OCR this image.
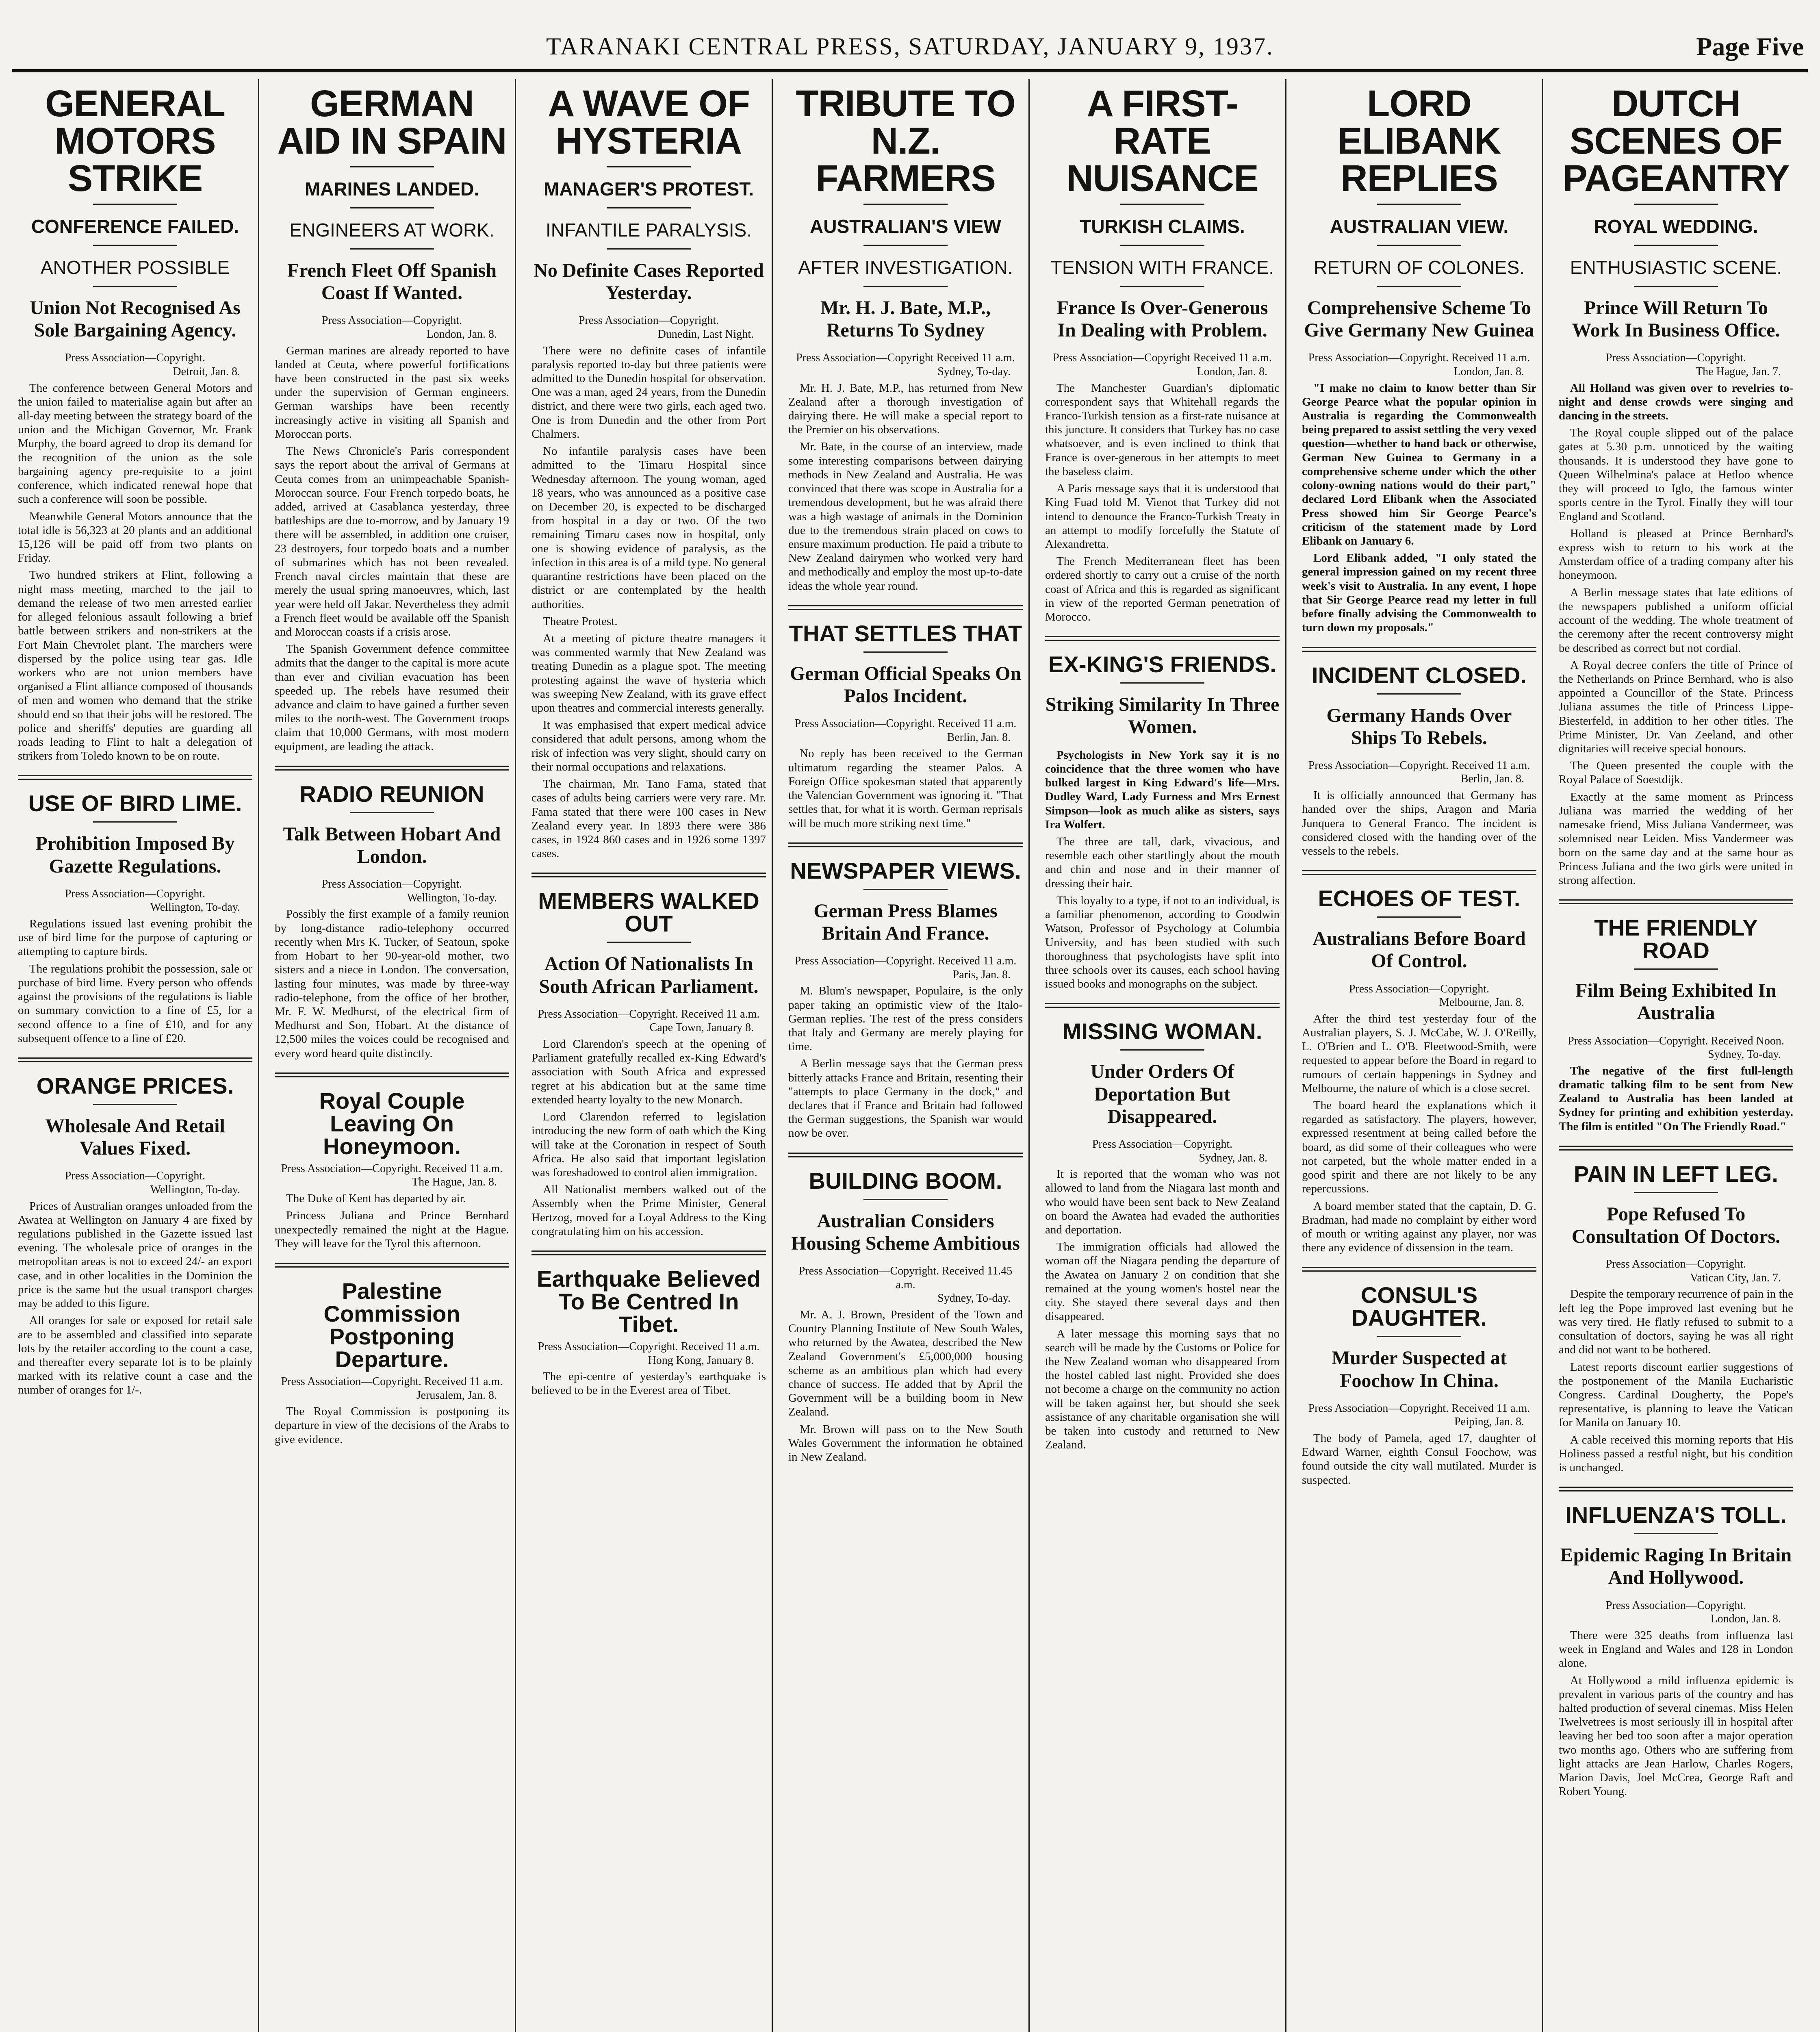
TARANAKI CENTRAL PRESS, SATURDAY, JANUARY 9, 1937.	Page Five
GENERAL MOTORS STRIKE
CONFERENCE FAILED.
ANOTHER POSSIBLE
Union Not Recognised As Sole Bargaining Agency.
Press Association—Copyright.
Detroit, Jan. 8.

The conference between General Motors and the union failed to materialise again but after an all-day meeting between the strategy board of the union and the Michigan Governor, Mr. Frank Murphy, the board agreed to drop its demand for the recognition of the union as the sole bargaining agency pre-requisite to a joint conference, which indicated renewal hope that such a conference will soon be possible.

Meanwhile General Motors announce that the total idle is 56,323 at 20 plants and an additional 15,126 will be paid off from two plants on Friday.

Two hundred strikers at Flint, following a night mass meeting, marched to the jail to demand the release of two men arrested earlier for alleged felonious assault following a brief battle between strikers and non-strikers at the Fort Main Chevrolet plant. The marchers were dispersed by the police using tear gas. Idle workers who are not union members have organised a Flint alliance composed of thousands of men and women who demand that the strike should end so that their jobs will be restored. The police and sheriffs' deputies are guarding all roads leading to Flint to halt a delegation of strikers from Toledo known to be on route.

USE OF BIRD LIME.
Prohibition Imposed By Gazette Regulations.
Press Association—Copyright.
Wellington, To-day.

Regulations issued last evening prohibit the use of bird lime for the purpose of capturing or attempting to capture birds.

The regulations prohibit the possession, sale or purchase of bird lime. Every person who offends against the provisions of the regulations is liable on summary conviction to a fine of £5, for a second offence to a fine of £10, and for any subsequent offence to a fine of £20.

ORANGE PRICES.
Wholesale And Retail Values Fixed.
Press Association—Copyright.
Wellington, To-day.

Prices of Australian oranges unloaded from the Awatea at Wellington on January 4 are fixed by regulations published in the Gazette issued last evening. The wholesale price of oranges in the metropolitan areas is not to exceed 24/- an export case, and in other localities in the Dominion the price is the same but the usual transport charges may be added to this figure.

All oranges for sale or exposed for retail sale are to be assembled and classified into separate lots by the retailer according to the count a case, and thereafter every separate lot is to be plainly marked with its relative count a case and the number of oranges for 1/-.

GERMAN AID IN SPAIN
MARINES LANDED.
ENGINEERS AT WORK.
French Fleet Off Spanish Coast If Wanted.
Press Association—Copyright.
London, Jan. 8.

German marines are already reported to have landed at Ceuta, where powerful fortifications have been constructed in the past six weeks under the supervision of German engineers. German warships have been recently increasingly active in visiting all Spanish and Moroccan ports.

The News Chronicle's Paris correspondent says the report about the arrival of Germans at Ceuta comes from an unimpeachable Spanish-Moroccan source. Four French torpedo boats, he added, arrived at Casablanca yesterday, three battleships are due to-morrow, and by January 19 there will be assembled, in addition one cruiser, 23 destroyers, four torpedo boats and a number of submarines which has not been revealed. French naval circles maintain that these are merely the usual spring manoeuvres, which, last year were held off Jakar. Nevertheless they admit a French fleet would be available off the Spanish and Moroccan coasts if a crisis arose.

The Spanish Government defence committee admits that the danger to the capital is more acute than ever and civilian evacuation has been speeded up. The rebels have resumed their advance and claim to have gained a further seven miles to the north-west. The Government troops claim that 10,000 Germans, with most modern equipment, are leading the attack.

RADIO REUNION
Talk Between Hobart And London.
Press Association—Copyright.
Wellington, To-day.

Possibly the first example of a family reunion by long-distance radio-telephony occurred recently when Mrs K. Tucker, of Seatoun, spoke from Hobart to her 90-year-old mother, two sisters and a niece in London. The conversation, lasting four minutes, was made by three-way radio-telephone, from the office of her brother, Mr. F. W. Medhurst, of the electrical firm of Medhurst and Son, Hobart. At the distance of 12,500 miles the voices could be recognised and every word heard quite distinctly.

Royal Couple Leaving On Honeymoon.
Press Association—Copyright. Received 11 a.m.
The Hague, Jan. 8.

The Duke of Kent has departed by air.

Princess Juliana and Prince Bernhard unexpectedly remained the night at the Hague. They will leave for the Tyrol this afternoon.

Palestine Commission Postponing Departure.
Press Association—Copyright. Received 11 a.m.
Jerusalem, Jan. 8.

The Royal Commission is postponing its departure in view of the decisions of the Arabs to give evidence.

A WAVE OF HYSTERIA
MANAGER'S PROTEST.
INFANTILE PARALYSIS.
No Definite Cases Reported Yesterday.
Press Association—Copyright.
Dunedin, Last Night.

There were no definite cases of infantile paralysis reported to-day but three patients were admitted to the Dunedin hospital for observation. One was a man, aged 24 years, from the Dunedin district, and there were two girls, each aged two. One is from Dunedin and the other from Port Chalmers.

No infantile paralysis cases have been admitted to the Timaru Hospital since Wednesday afternoon. The young woman, aged 18 years, who was announced as a positive case on December 20, is expected to be discharged from hospital in a day or two. Of the two remaining Timaru cases now in hospital, only one is showing evidence of paralysis, as the infection in this area is of a mild type. No general quarantine restrictions have been placed on the district or are contemplated by the health authorities.

Theatre Protest.

At a meeting of picture theatre managers it was commented warmly that New Zealand was treating Dunedin as a plague spot. The meeting protesting against the wave of hysteria which was sweeping New Zealand, with its grave effect upon theatres and commercial interests generally.

It was emphasised that expert medical advice considered that adult persons, among whom the risk of infection was very slight, should carry on their normal occupations and relaxations.

The chairman, Mr. Tano Fama, stated that cases of adults being carriers were very rare. Mr. Fama stated that there were 100 cases in New Zealand every year. In 1893 there were 386 cases, in 1924 860 cases and in 1926 some 1397 cases.

MEMBERS WALKED OUT
Action Of Nationalists In South African Parliament.
Press Association—Copyright. Received 11 a.m.
Cape Town, January 8.

Lord Clarendon's speech at the opening of Parliament gratefully recalled ex-King Edward's association with South Africa and expressed regret at his abdication but at the same time extended hearty loyalty to the new Monarch.

Lord Clarendon referred to legislation introducing the new form of oath which the King will take at the Coronation in respect of South Africa. He also said that important legislation was foreshadowed to control alien immigration.

All Nationalist members walked out of the Assembly when the Prime Minister, General Hertzog, moved for a Loyal Address to the King congratulating him on his accession.

Earthquake Believed To Be Centred In Tibet.
Press Association—Copyright. Received 11 a.m.
Hong Kong, January 8.

The epi-centre of yesterday's earthquake is believed to be in the Everest area of Tibet.

TRIBUTE TO N.Z. FARMERS
AUSTRALIAN'S VIEW
AFTER INVESTIGATION.
Mr. H. J. Bate, M.P., Returns To Sydney
Press Association—Copyright Received 11 a.m.
Sydney, To-day.

Mr. H. J. Bate, M.P., has returned from New Zealand after a thorough investigation of dairying there. He will make a special report to the Premier on his observations.

Mr. Bate, in the course of an interview, made some interesting comparisons between dairying methods in New Zealand and Australia. He was convinced that there was scope in Australia for a tremendous development, but he was afraid there was a high wastage of animals in the Dominion due to the tremendous strain placed on cows to ensure maximum production. He paid a tribute to New Zealand dairymen who worked very hard and methodically and employ the most up-to-date ideas the whole year round.

THAT SETTLES THAT
German Official Speaks On Palos Incident.
Press Association—Copyright. Received 11 a.m.
Berlin, Jan. 8.

No reply has been received to the German ultimatum regarding the steamer Palos. A Foreign Office spokesman stated that apparently the Valencian Government was ignoring it. "That settles that, for what it is worth. German reprisals will be much more striking next time."

NEWSPAPER VIEWS.
German Press Blames Britain And France.
Press Association—Copyright. Received 11 a.m.
Paris, Jan. 8.

M. Blum's newspaper, Populaire, is the only paper taking an optimistic view of the Italo-German replies. The rest of the press considers that Italy and Germany are merely playing for time.

A Berlin message says that the German press bitterly attacks France and Britain, resenting their "attempts to place Germany in the dock," and declares that if France and Britain had followed the German suggestions, the Spanish war would now be over.

BUILDING BOOM.
Australian Considers Housing Scheme Ambitious
Press Association—Copyright. Received 11.45 a.m.
Sydney, To-day.

Mr. A. J. Brown, President of the Town and Country Planning Institute of New South Wales, who returned by the Awatea, described the New Zealand Government's £5,000,000 housing scheme as an ambitious plan which had every chance of success. He added that by April the Government will be a building boom in New Zealand.

Mr. Brown will pass on to the New South Wales Government the information he obtained in New Zealand.

A FIRST-RATE NUISANCE
TURKISH CLAIMS.
TENSION WITH FRANCE.
France Is Over-Generous In Dealing with Problem.
Press Association—Copyright Received 11 a.m.
London, Jan. 8.

The Manchester Guardian's diplomatic correspondent says that Whitehall regards the Franco-Turkish tension as a first-rate nuisance at this juncture. It considers that Turkey has no case whatsoever, and is even inclined to think that France is over-generous in her attempts to meet the baseless claim.

A Paris message says that it is understood that King Fuad told M. Vienot that Turkey did not intend to denounce the Franco-Turkish Treaty in an attempt to modify forcefully the Statute of Alexandretta.

The French Mediterranean fleet has been ordered shortly to carry out a cruise of the north coast of Africa and this is regarded as significant in view of the reported German penetration of Morocco.

EX-KING'S FRIENDS.
Striking Similarity In Three Women.

Psychologists in New York say it is no coincidence that the three women who have bulked largest in King Edward's life—Mrs. Dudley Ward, Lady Furness and Mrs Ernest Simpson—look as much alike as sisters, says Ira Wolfert.

The three are tall, dark, vivacious, and resemble each other startlingly about the mouth and chin and nose and in their manner of dressing their hair.

This loyalty to a type, if not to an individual, is a familiar phenomenon, according to Goodwin Watson, Professor of Psychology at Columbia University, and has been studied with such thoroughness that psychologists have split into three schools over its causes, each school having issued books and monographs on the subject.

MISSING WOMAN.
Under Orders Of Deportation But Disappeared.
Press Association—Copyright.
Sydney, Jan. 8.

It is reported that the woman who was not allowed to land from the Niagara last month and who would have been sent back to New Zealand on board the Awatea had evaded the authorities and deportation.

The immigration officials had allowed the woman off the Niagara pending the departure of the Awatea on January 2 on condition that she remained at the young women's hostel near the city. She stayed there several days and then disappeared.

A later message this morning says that no search will be made by the Customs or Police for the New Zealand woman who disappeared from the hostel cabled last night. Provided she does not become a charge on the community no action will be taken against her, but should she seek assistance of any charitable organisation she will be taken into custody and returned to New Zealand.

LORD ELIBANK REPLIES
AUSTRALIAN VIEW.
RETURN OF COLONES.
Comprehensive Scheme To Give Germany New Guinea
Press Association—Copyright. Received 11 a.m.
London, Jan. 8.

"I make no claim to know better than Sir George Pearce what the popular opinion in Australia is regarding the Commonwealth being prepared to assist settling the very vexed question—whether to hand back or otherwise, German New Guinea to Germany in a comprehensive scheme under which the other colony-owning nations would do their part," declared Lord Elibank when the Associated Press showed him Sir George Pearce's criticism of the statement made by Lord Elibank on January 6.

Lord Elibank added, "I only stated the general impression gained on my recent three week's visit to Australia. In any event, I hope that Sir George Pearce read my letter in full before finally advising the Commonwealth to turn down my proposals."

INCIDENT CLOSED.
Germany Hands Over Ships To Rebels.
Press Association—Copyright. Received 11 a.m.
Berlin, Jan. 8.

It is officially announced that Germany has handed over the ships, Aragon and Maria Junquera to General Franco. The incident is considered closed with the handing over of the vessels to the rebels.

ECHOES OF TEST.
Australians Before Board Of Control.
Press Association—Copyright.
Melbourne, Jan. 8.

After the third test yesterday four of the Australian players, S. J. McCabe, W. J. O'Reilly, L. O'Brien and L. O'B. Fleetwood-Smith, were requested to appear before the Board in regard to rumours of certain happenings in Sydney and Melbourne, the nature of which is a close secret.

The board heard the explanations which it regarded as satisfactory. The players, however, expressed resentment at being called before the board, as did some of their colleagues who were not carpeted, but the whole matter ended in a good spirit and there are not likely to be any repercussions.

A board member stated that the captain, D. G. Bradman, had made no complaint by either word of mouth or writing against any player, nor was there any evidence of dissension in the team.

CONSUL'S DAUGHTER.
Murder Suspected at Foochow In China.
Press Association—Copyright. Received 11 a.m.
Peiping, Jan. 8.

The body of Pamela, aged 17, daughter of Edward Warner, eighth Consul Foochow, was found outside the city wall mutilated. Murder is suspected.

DUTCH SCENES OF PAGEANTRY
ROYAL WEDDING.
ENTHUSIASTIC SCENE.
Prince Will Return To Work In Business Office.
Press Association—Copyright.
The Hague, Jan. 7.

All Holland was given over to revelries to-night and dense crowds were singing and dancing in the streets.

The Royal couple slipped out of the palace gates at 5.30 p.m. unnoticed by the waiting thousands. It is understood they have gone to Queen Wilhelmina's palace at Hetloo whence they will proceed to Iglo, the famous winter sports centre in the Tyrol. Finally they will tour England and Scotland.

Holland is pleased at Prince Bernhard's express wish to return to his work at the Amsterdam office of a trading company after his honeymoon.

A Berlin message states that late editions of the newspapers published a uniform official account of the wedding. The whole treatment of the ceremony after the recent controversy might be described as correct but not cordial.

A Royal decree confers the title of Prince of the Netherlands on Prince Bernhard, who is also appointed a Councillor of the State. Princess Juliana assumes the title of Princess Lippe-Biesterfeld, in addition to her other titles. The Prime Minister, Dr. Van Zeeland, and other dignitaries will receive special honours.

The Queen presented the couple with the Royal Palace of Soestdijk.

Exactly at the same moment as Princess Juliana was married the wedding of her namesake friend, Miss Juliana Vandermeer, was solemnised near Leiden. Miss Vandermeer was born on the same day and at the same hour as Princess Juliana and the two girls were united in strong affection.

THE FRIENDLY ROAD
Film Being Exhibited In Australia
Press Association—Copyright. Received Noon.
Sydney, To-day.

The negative of the first full-length dramatic talking film to be sent from New Zealand to Australia has been landed at Sydney for printing and exhibition yesterday. The film is entitled "On The Friendly Road."

PAIN IN LEFT LEG.
Pope Refused To Consultation Of Doctors.
Press Association—Copyright.
Vatican City, Jan. 7.

Despite the temporary recurrence of pain in the left leg the Pope improved last evening but he was very tired. He flatly refused to submit to a consultation of doctors, saying he was all right and did not want to be bothered.

Latest reports discount earlier suggestions of the postponement of the Manila Eucharistic Congress. Cardinal Dougherty, the Pope's representative, is planning to leave the Vatican for Manila on January 10.

A cable received this morning reports that His Holiness passed a restful night, but his condition is unchanged.

INFLUENZA'S TOLL.
Epidemic Raging In Britain And Hollywood.
Press Association—Copyright.
London, Jan. 8.

There were 325 deaths from influenza last week in England and Wales and 128 in London alone.

At Hollywood a mild influenza epidemic is prevalent in various parts of the country and has halted production of several cinemas. Miss Helen Twelvetrees is most seriously ill in hospital after leaving her bed too soon after a major operation two months ago. Others who are suffering from light attacks are Jean Harlow, Charles Rogers, Marion Davis, Joel McCrea, George Raft and Robert Young.
